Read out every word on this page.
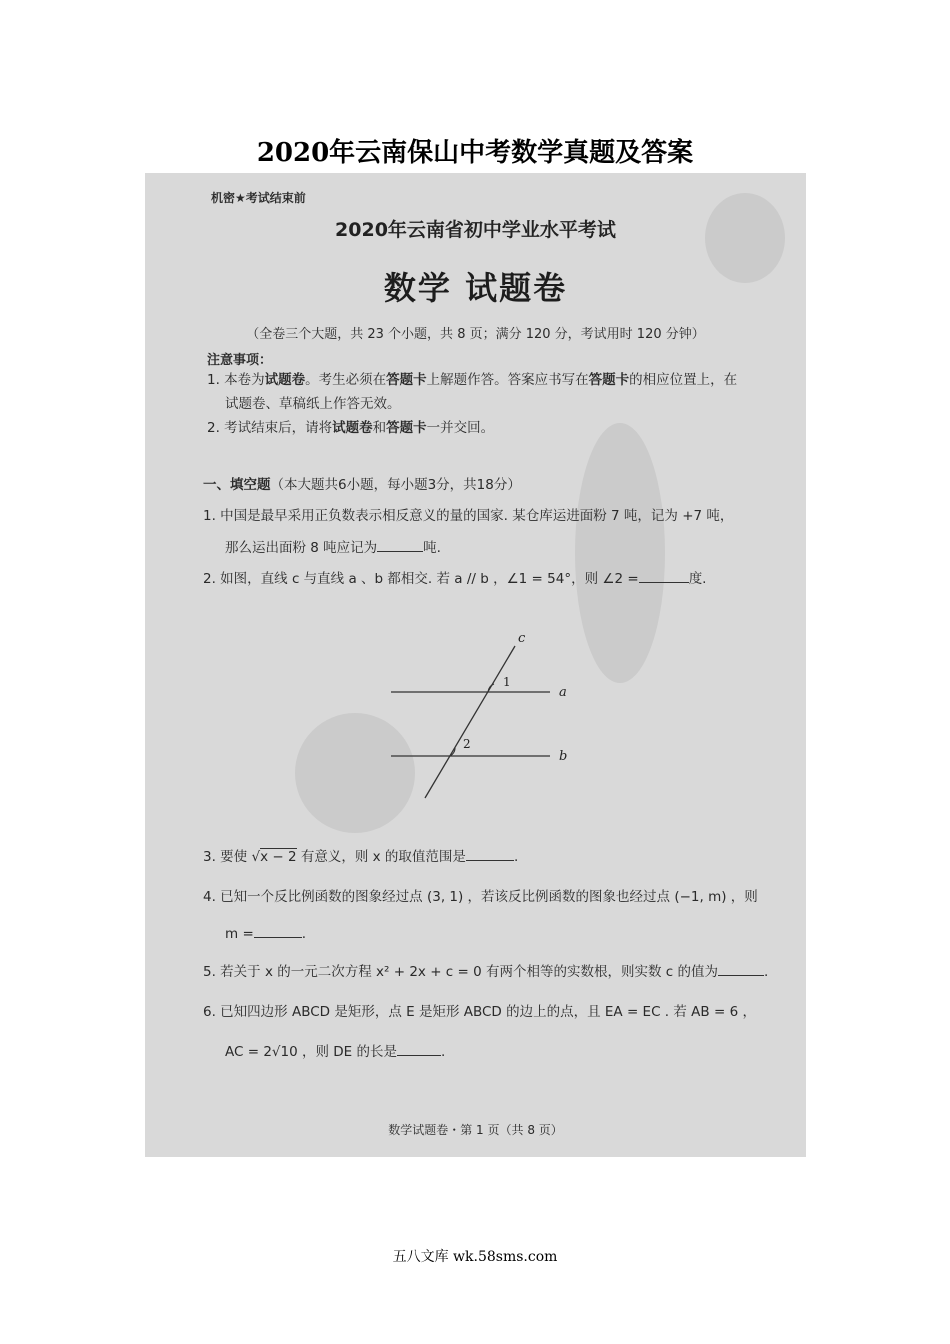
2020年云南保山中考数学真题及答案
机密★考试结束前
2020年云南省初中学业水平考试
数学 试题卷
（全卷三个大题，共 23 个小题，共 8 页；满分 120 分，考试用时 120 分钟）
注意事项：
1. 本卷为试题卷。考生必须在答题卡上解题作答。答案应书写在答题卡的相应位置上，在
试题卷、草稿纸上作答无效。
2. 考试结束后，请将试题卷和答题卡一并交回。
一、填空题（本大题共6小题，每小题3分，共18分）
1. 中国是最早采用正负数表示相反意义的量的国家. 某仓库运进面粉 7 吨，记为 +7 吨，
那么运出面粉 8 吨应记为	吨.
2. 如图，直线 c 与直线 a 、b 都相交. 若 a // b ，∠1 = 54°，则 ∠2 =	度.
c
a
b
1
2
3. 要使 √x − 2 有意义，则 x 的取值范围是	.
4. 已知一个反比例函数的图象经过点 (3, 1) ，若该反比例函数的图象也经过点 (−1, m) ，则
m =	.
5. 若关于 x 的一元二次方程 x² + 2x + c = 0 有两个相等的实数根，则实数 c 的值为	.
6. 已知四边形 ABCD 是矩形，点 E 是矩形 ABCD 的边上的点，且 EA = EC . 若 AB = 6 ，
AC = 2√10 ，则 DE 的长是	.
数学试题卷・第 1 页（共 8 页）
五八文库 wk.58sms.com
